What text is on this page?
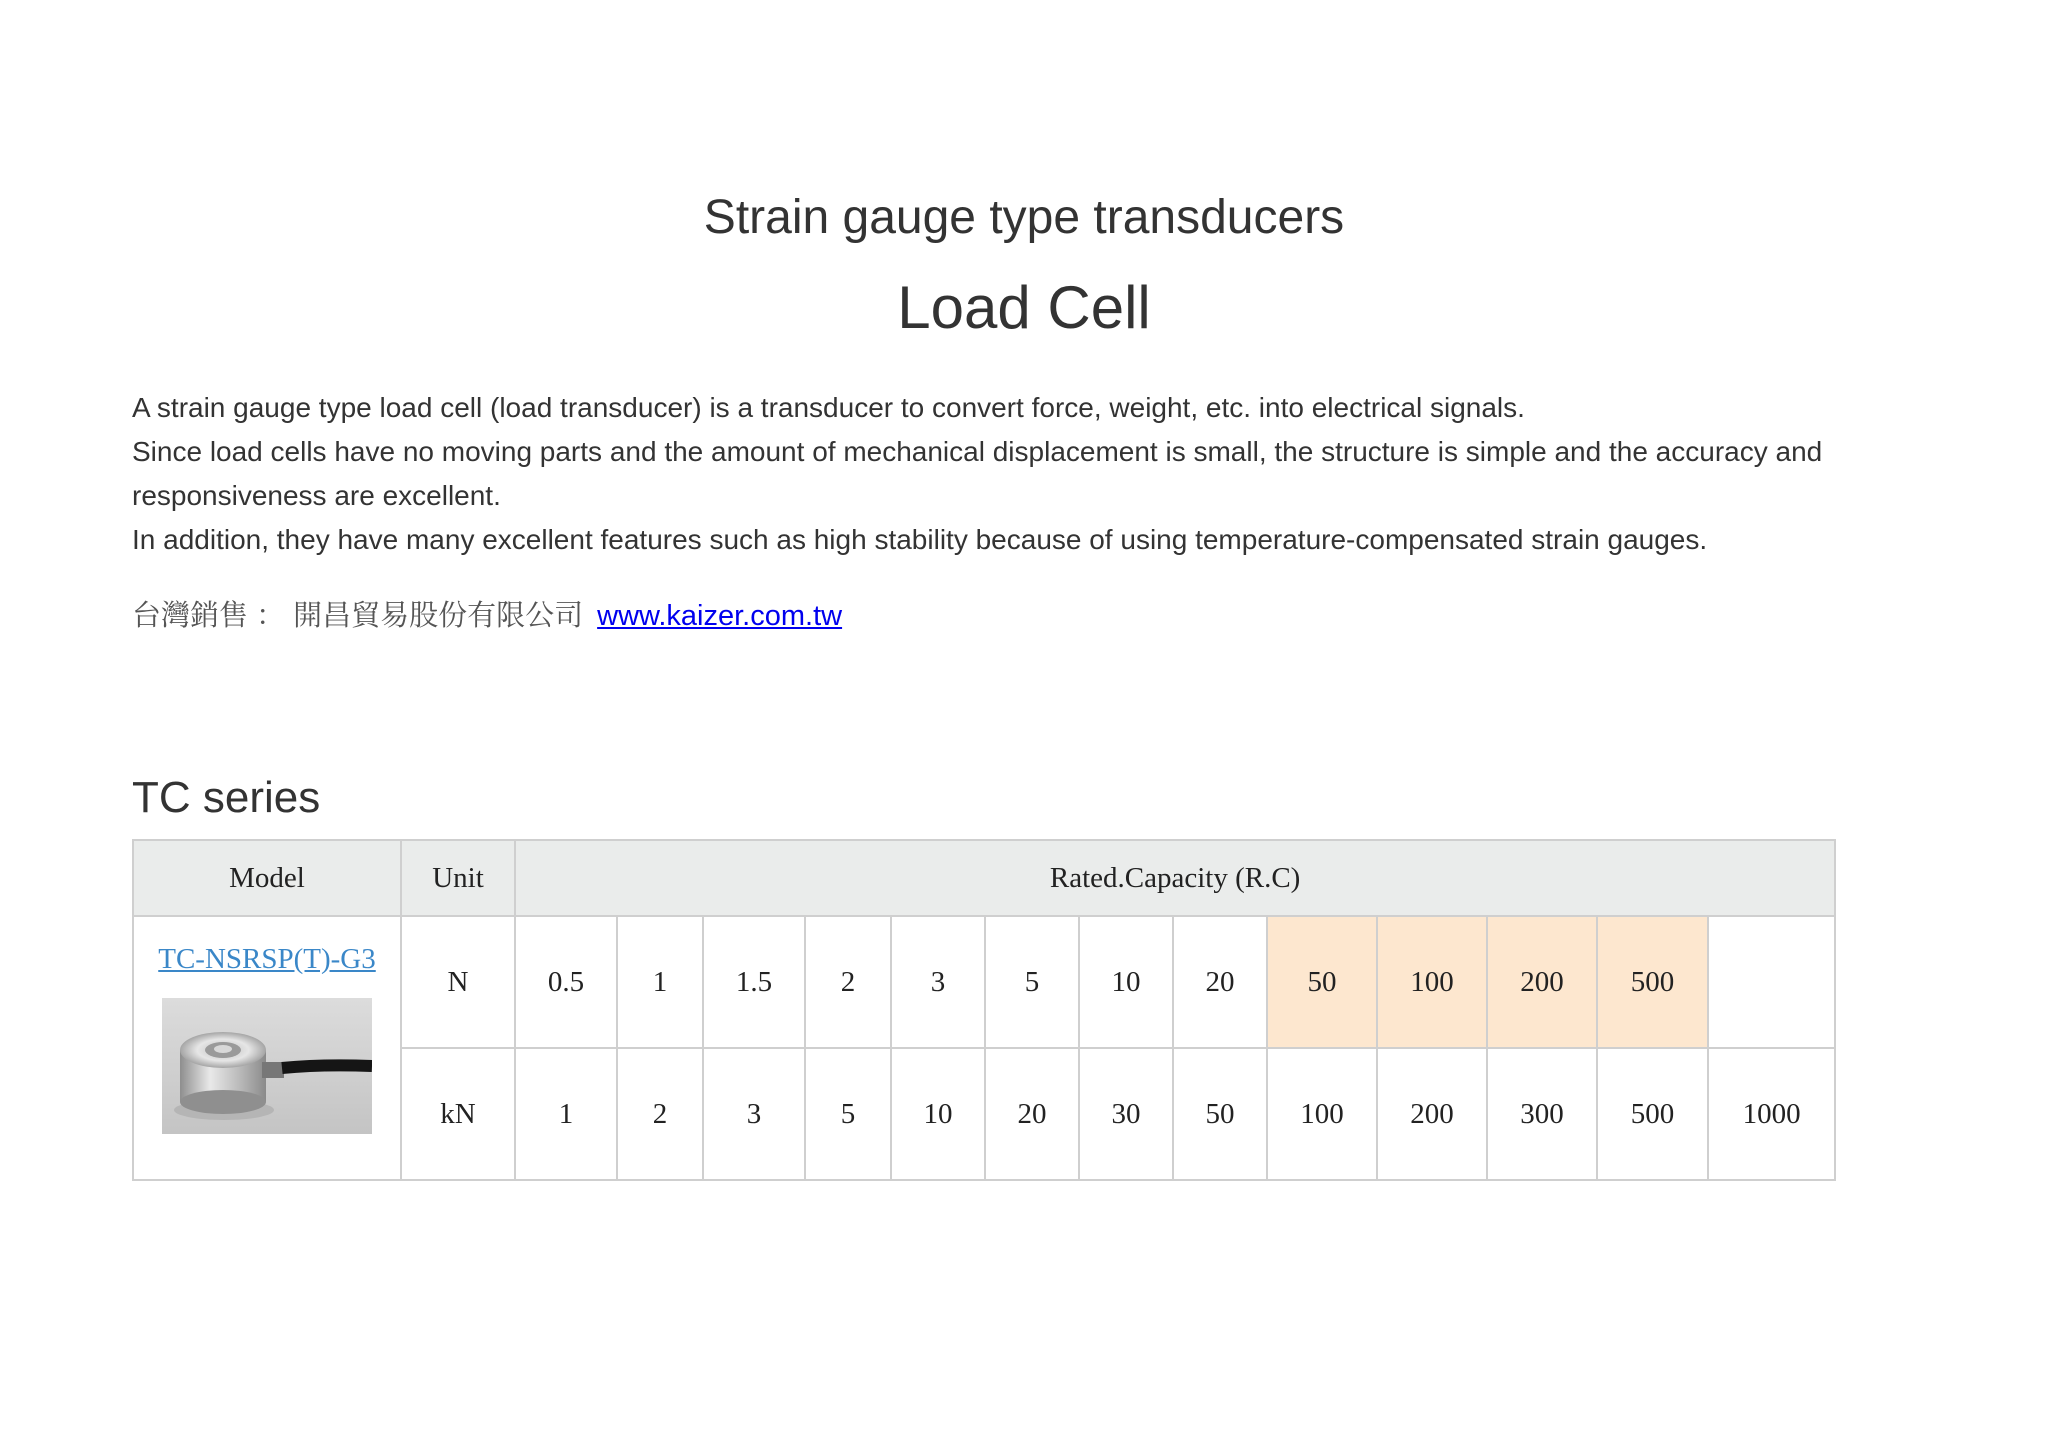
Strain gauge type transducers
Load Cell

A strain gauge type load cell (load transducer) is a transducer to convert force, weight, etc. into electrical signals.

Since load cells have no moving parts and the amount of mechanical displacement is small, the structure is simple and the accuracy and responsiveness are excellent.

In addition, they have many excellent features such as high stability because of using temperature-compensated strain gauges.

台灣銷售 ： 開昌貿易股份有限公司 www.kaizer.com.tw
TC series
Model	Unit	Rated.Capacity (R.C)												

TC-NSRSP(T)-G3	N	0.5	1	1.5	2	3	5	10	20	50	100	200	500	
	kN	1	2	3	5	10	20	30	50	100	200	300	500	1000
